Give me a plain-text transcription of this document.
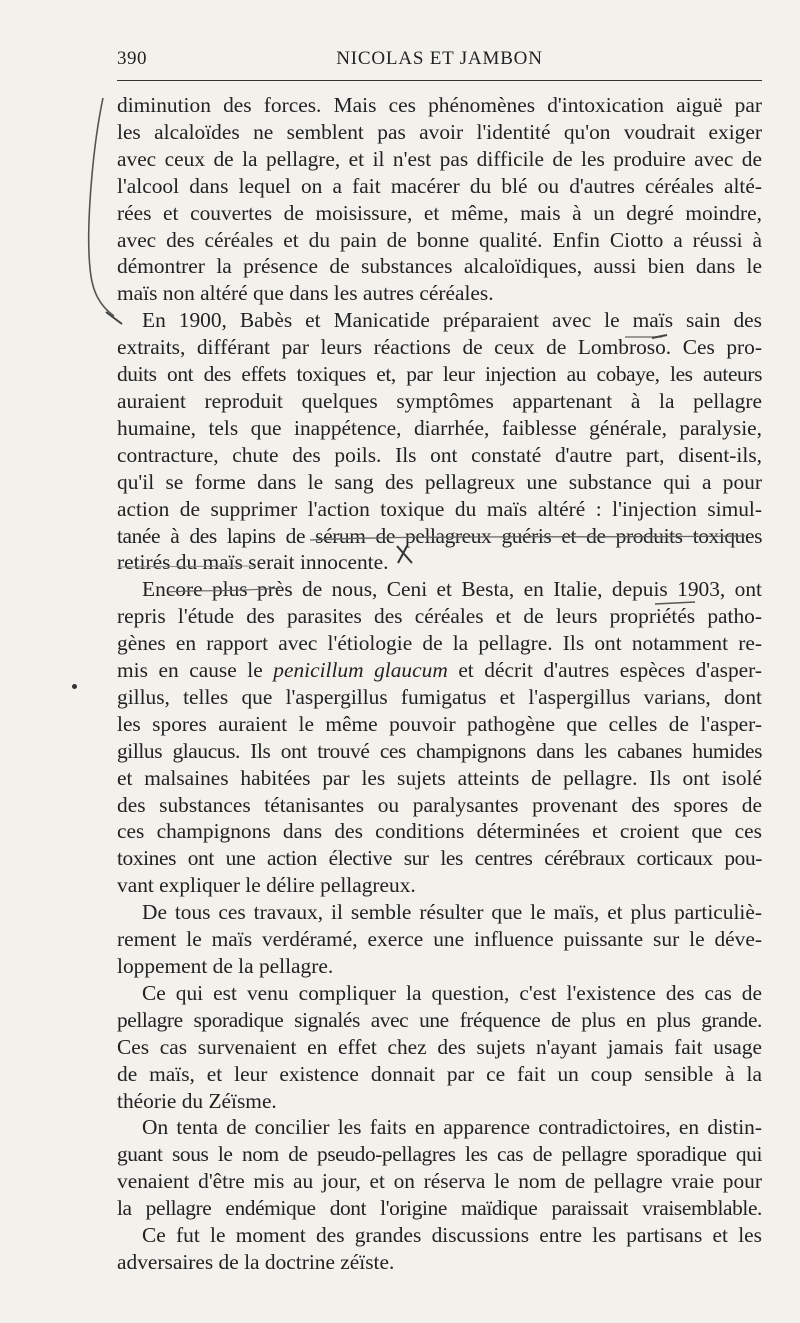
390	NICOLAS ET JAMBON

diminution des forces. Mais ces phénomènes d'intoxication aiguë par
les alcaloïdes ne semblent pas avoir l'identité qu'on voudrait exiger
avec ceux de la pellagre, et il n'est pas difficile de les produire avec de
l'alcool dans lequel on a fait macérer du blé ou d'autres céréales alté-
rées et couvertes de moisissure, et même, mais à un degré moindre,
avec des céréales et du pain de bonne qualité. Enfin Ciotto a réussi à
démontrer la présence de substances alcaloïdiques, aussi bien dans le
maïs non altéré que dans les autres céréales.

En 1900, Babès et Manicatide préparaient avec le maïs sain des
extraits, différant par leurs réactions de ceux de Lombroso. Ces pro-
duits ont des effets toxiques et, par leur injection au cobaye, les auteurs
auraient reproduit quelques symptômes appartenant à la pellagre
humaine, tels que inappétence, diarrhée, faiblesse générale, paralysie,
contracture, chute des poils. Ils ont constaté d'autre part, disent-ils,
qu'il se forme dans le sang des pellagreux une substance qui a pour
action de supprimer l'action toxique du maïs altéré : l'injection simul-
tanée à des lapins de sérum de pellagreux guéris et de produits toxiques
retirés du maïs serait innocente.

Encore plus près de nous, Ceni et Besta, en Italie, depuis 1903, ont
repris l'étude des parasites des céréales et de leurs propriétés patho-
gènes en rapport avec l'étiologie de la pellagre. Ils ont notamment re-
mis en cause le penicillum glaucum et décrit d'autres espèces d'asper-
gillus, telles que l'aspergillus fumigatus et l'aspergillus varians, dont
les spores auraient le même pouvoir pathogène que celles de l'asper-
gillus glaucus. Ils ont trouvé ces champignons dans les cabanes humides
et malsaines habitées par les sujets atteints de pellagre. Ils ont isolé
des substances tétanisantes ou paralysantes provenant des spores de
ces champignons dans des conditions déterminées et croient que ces
toxines ont une action élective sur les centres cérébraux corticaux pou-
vant expliquer le délire pellagreux.

De tous ces travaux, il semble résulter que le maïs, et plus particuliè-
rement le maïs verdéramé, exerce une influence puissante sur le déve-
loppement de la pellagre.

Ce qui est venu compliquer la question, c'est l'existence des cas de
pellagre sporadique signalés avec une fréquence de plus en plus grande.
Ces cas survenaient en effet chez des sujets n'ayant jamais fait usage
de maïs, et leur existence donnait par ce fait un coup sensible à la
théorie du Zéïsme.

On tenta de concilier les faits en apparence contradictoires, en distin-
guant sous le nom de pseudo-pellagres les cas de pellagre sporadique qui
venaient d'être mis au jour, et on réserva le nom de pellagre vraie pour
la pellagre endémique dont l'origine maïdique paraissait vraisemblable.

Ce fut le moment des grandes discussions entre les partisans et les
adversaires de la doctrine zéïste.
